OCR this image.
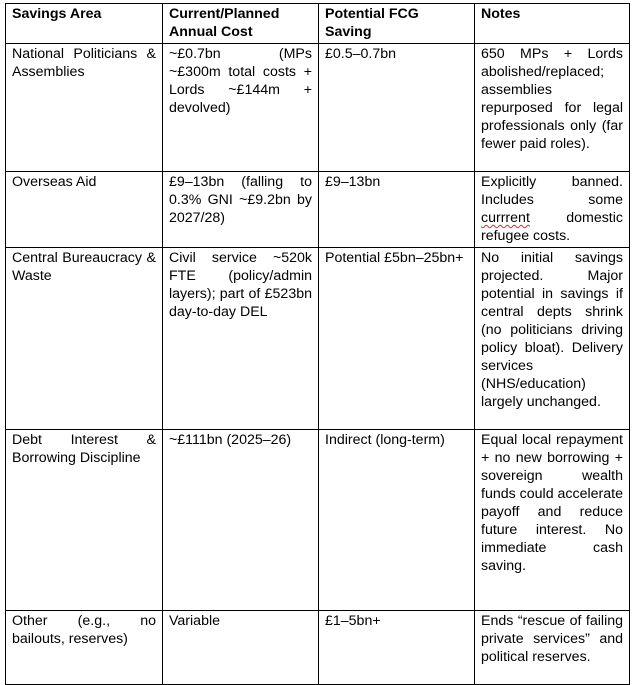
Savings Area	Current/Planned Annual Cost	Potential FCG Saving	Notes
National Politicians & Assemblies	~£0.7bn (MPs ~£300m total costs + Lords ~£144m + devolved)	£0.5–0.7bn	650 MPs + Lords abolished/replaced; assemblies repurposed for legal professionals only (far fewer paid roles).
Overseas Aid	£9–13bn (falling to 0.3% GNI ~£9.2bn by 2027/28)	£9–13bn	Explicitly banned. Includes some currrent domestic refugee costs.
Central Bureaucracy & Waste	Civil service ~520k FTE (policy/admin layers); part of £523bn day-to-day DEL	Potential £5bn–25bn+	No initial savings projected. Major potential in savings if central depts shrink (no politicians driving policy bloat). Delivery services (NHS/education) largely unchanged.
Debt Interest & Borrowing Discipline	~£111bn (2025–26)	Indirect (long-term)	Equal local repayment + no new borrowing + sovereign wealth funds could accelerate payoff and reduce future interest. No immediate cash saving.
Other (e.g., no bailouts, reserves)	Variable	£1–5bn+	Ends “rescue of failing private services” and political reserves.
